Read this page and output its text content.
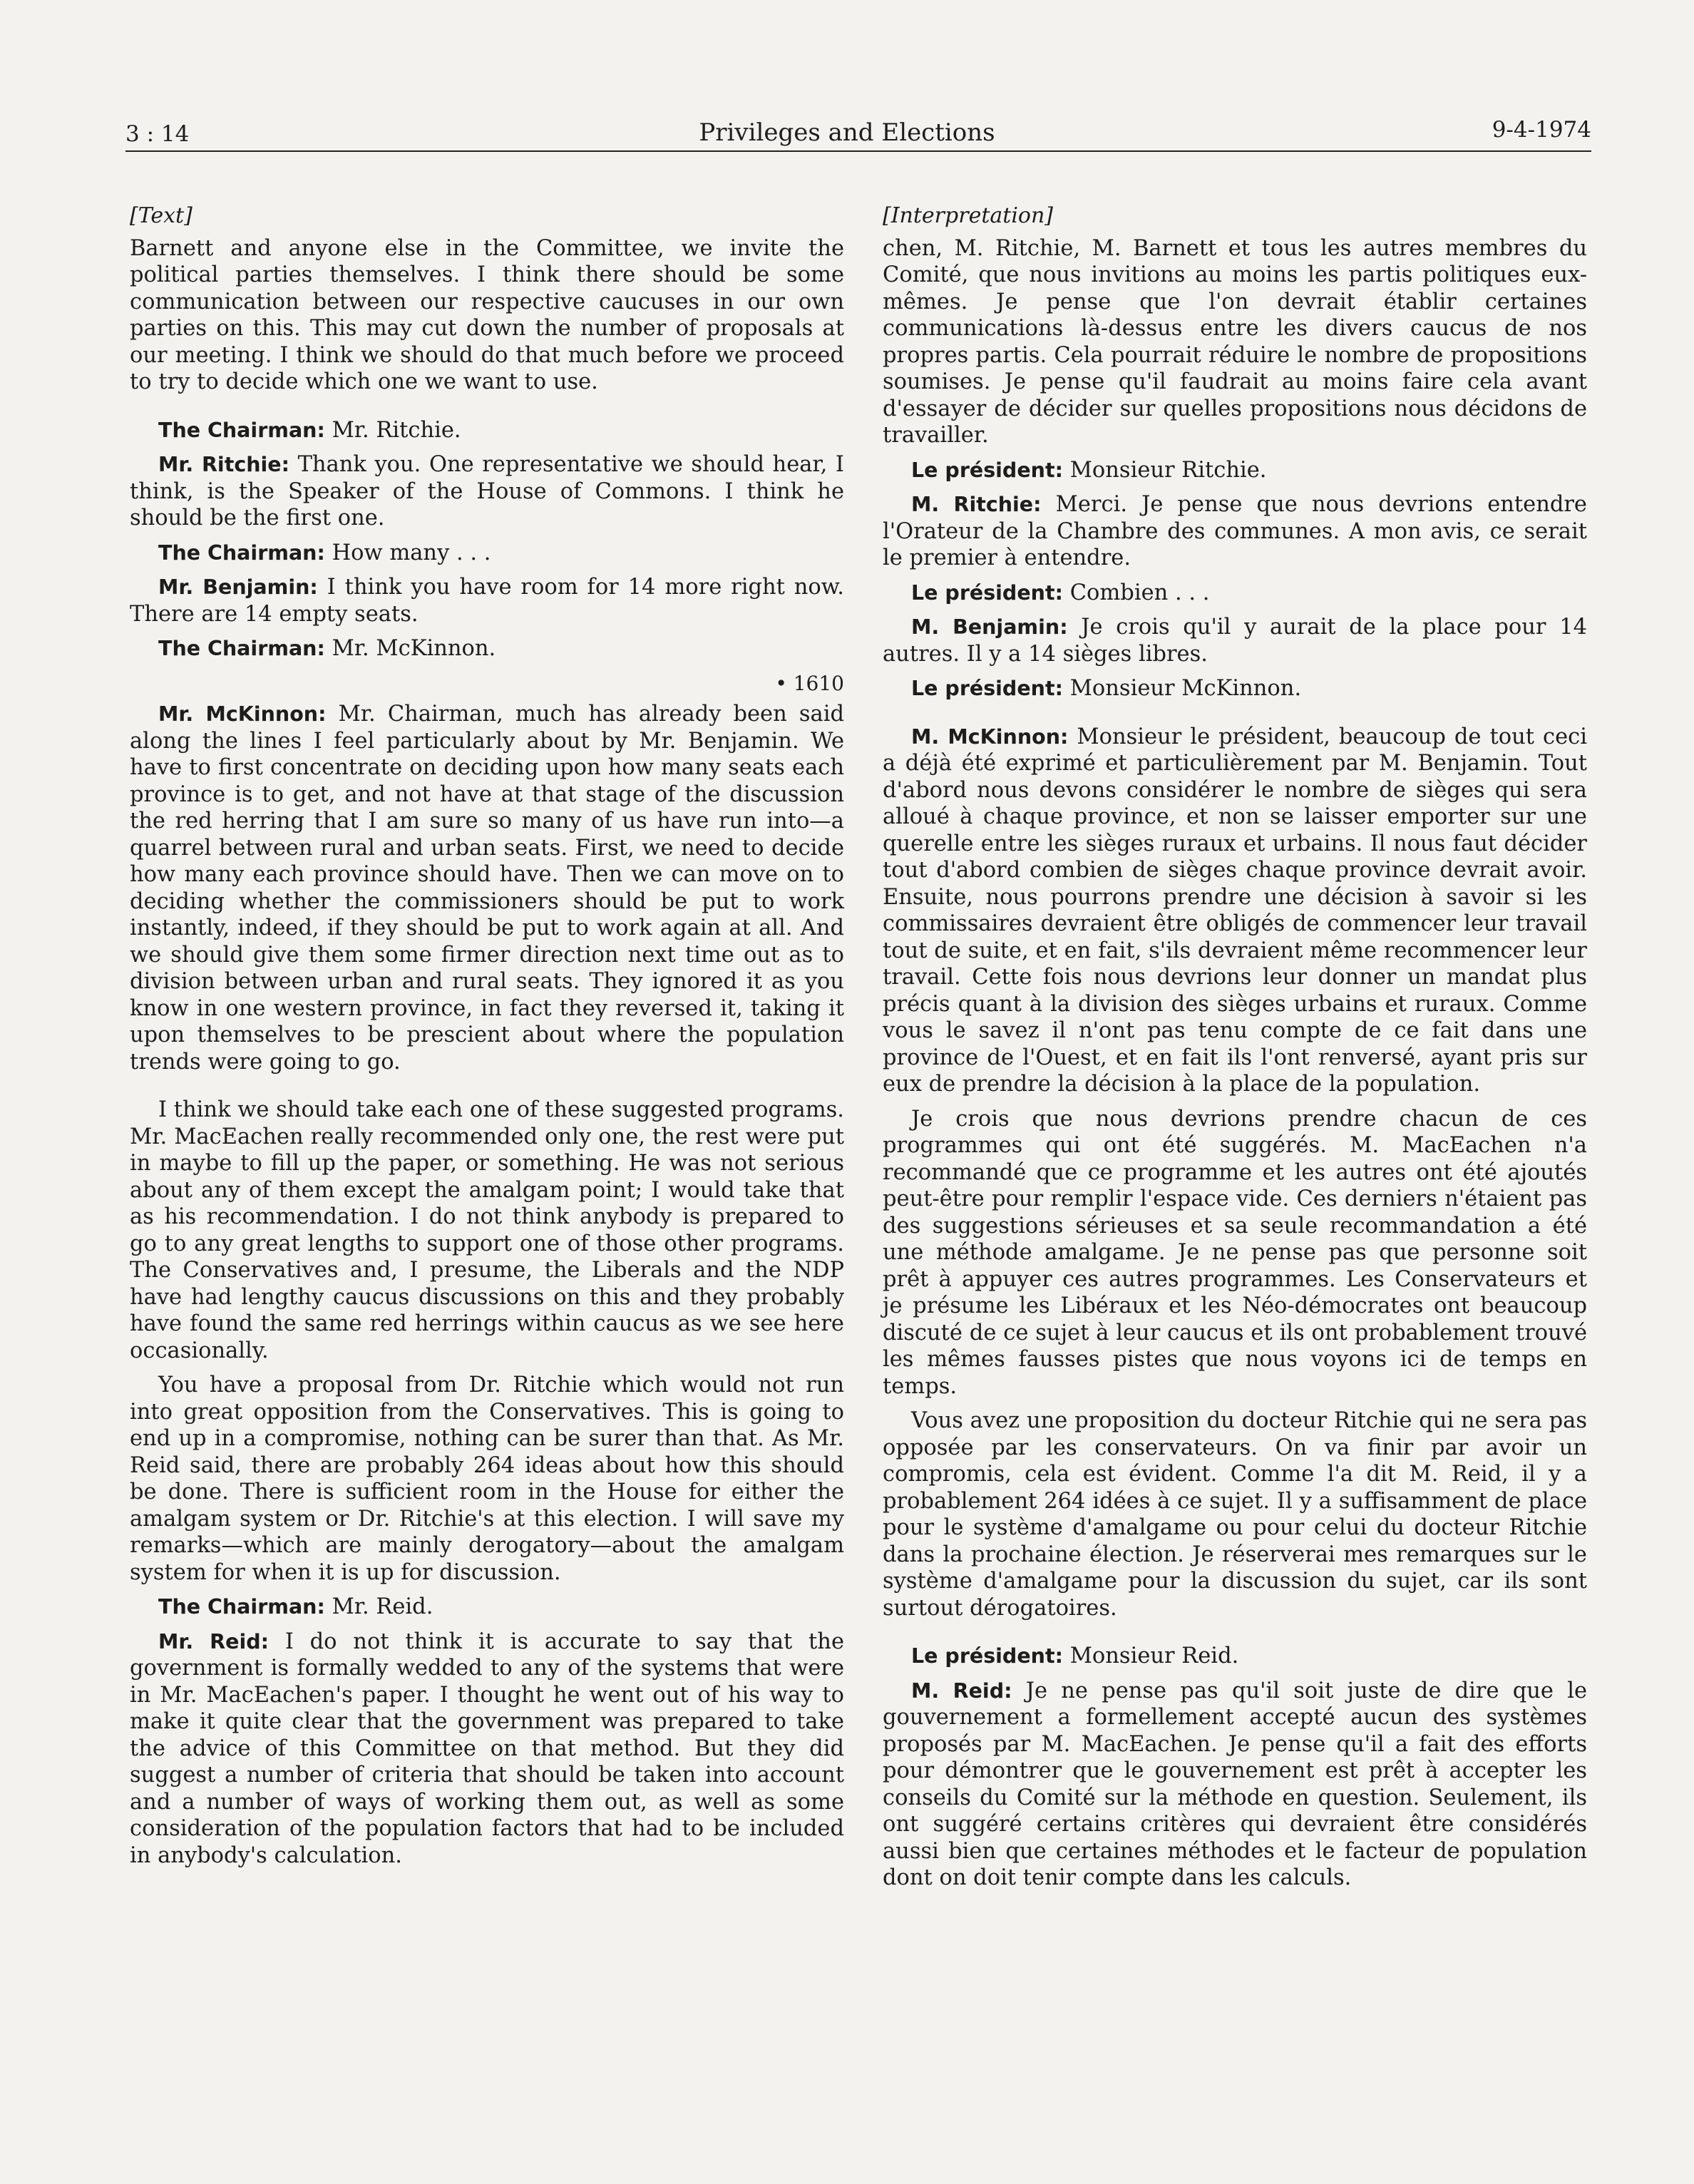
3 : 14	Privileges and Elections	9-4-1974

[Text]

Barnett and anyone else in the Committee, we invite the political parties themselves. I think there should be some communication between our respective caucuses in our own parties on this. This may cut down the number of proposals at our meeting. I think we should do that much before we proceed to try to decide which one we want to use.

The Chairman: Mr. Ritchie.

Mr. Ritchie: Thank you. One representative we should hear, I think, is the Speaker of the House of Commons. I think he should be the first one.

The Chairman: How many . . .

Mr. Benjamin: I think you have room for 14 more right now. There are 14 empty seats.

The Chairman: Mr. McKinnon.

• 1610

Mr. McKinnon: Mr. Chairman, much has already been said along the lines I feel particularly about by Mr. Benjamin. We have to first concentrate on deciding upon how many seats each province is to get, and not have at that stage of the discussion the red herring that I am sure so many of us have run into—a quarrel between rural and urban seats. First, we need to decide how many each province should have. Then we can move on to deciding whether the commissioners should be put to work instantly, indeed, if they should be put to work again at all. And we should give them some firmer direction next time out as to division between urban and rural seats. They ignored it as you know in one western province, in fact they reversed it, taking it upon themselves to be prescient about where the population trends were going to go.

I think we should take each one of these suggested programs. Mr. MacEachen really recommended only one, the rest were put in maybe to fill up the paper, or something. He was not serious about any of them except the amalgam point; I would take that as his recommendation. I do not think anybody is prepared to go to any great lengths to support one of those other programs. The Conservatives and, I presume, the Liberals and the NDP have had lengthy caucus discussions on this and they probably have found the same red herrings within caucus as we see here occasionally.

You have a proposal from Dr. Ritchie which would not run into great opposition from the Conservatives. This is going to end up in a compromise, nothing can be surer than that. As Mr. Reid said, there are probably 264 ideas about how this should be done. There is sufficient room in the House for either the amalgam system or Dr. Ritchie's at this election. I will save my remarks—which are mainly derogatory—about the amalgam system for when it is up for discussion.

The Chairman: Mr. Reid.

Mr. Reid: I do not think it is accurate to say that the government is formally wedded to any of the systems that were in Mr. MacEachen's paper. I thought he went out of his way to make it quite clear that the government was prepared to take the advice of this Committee on that method. But they did suggest a number of criteria that should be taken into account and a number of ways of working them out, as well as some consideration of the population factors that had to be included in anybody's calculation.

[Interpretation]

chen, M. Ritchie, M. Barnett et tous les autres membres du Comité, que nous invitions au moins les partis politiques eux-mêmes. Je pense que l'on devrait établir certaines communications là-dessus entre les divers caucus de nos propres partis. Cela pourrait réduire le nombre de propositions soumises. Je pense qu'il faudrait au moins faire cela avant d'essayer de décider sur quelles propositions nous décidons de travailler.

Le président: Monsieur Ritchie.

M. Ritchie: Merci. Je pense que nous devrions entendre l'Orateur de la Chambre des communes. A mon avis, ce serait le premier à entendre.

Le président: Combien . . .

M. Benjamin: Je crois qu'il y aurait de la place pour 14 autres. Il y a 14 sièges libres.

Le président: Monsieur McKinnon.

M. McKinnon: Monsieur le président, beaucoup de tout ceci a déjà été exprimé et particulièrement par M. Benjamin. Tout d'abord nous devons considérer le nombre de sièges qui sera alloué à chaque province, et non se laisser emporter sur une querelle entre les sièges ruraux et urbains. Il nous faut décider tout d'abord combien de sièges chaque province devrait avoir. Ensuite, nous pourrons prendre une décision à savoir si les commissaires devraient être obligés de commencer leur travail tout de suite, et en fait, s'ils devraient même recommencer leur travail. Cette fois nous devrions leur donner un mandat plus précis quant à la division des sièges urbains et ruraux. Comme vous le savez il n'ont pas tenu compte de ce fait dans une province de l'Ouest, et en fait ils l'ont renversé, ayant pris sur eux de prendre la décision à la place de la population.

Je crois que nous devrions prendre chacun de ces programmes qui ont été suggérés. M. MacEachen n'a recommandé que ce programme et les autres ont été ajoutés peut-être pour remplir l'espace vide. Ces derniers n'étaient pas des suggestions sérieuses et sa seule recommandation a été une méthode amalgame. Je ne pense pas que personne soit prêt à appuyer ces autres programmes. Les Conservateurs et je présume les Libéraux et les Néo-démocrates ont beaucoup discuté de ce sujet à leur caucus et ils ont probablement trouvé les mêmes fausses pistes que nous voyons ici de temps en temps.

Vous avez une proposition du docteur Ritchie qui ne sera pas opposée par les conservateurs. On va finir par avoir un compromis, cela est évident. Comme l'a dit M. Reid, il y a probablement 264 idées à ce sujet. Il y a suffisamment de place pour le système d'amalgame ou pour celui du docteur Ritchie dans la prochaine élection. Je réserverai mes remarques sur le système d'amalgame pour la discussion du sujet, car ils sont surtout dérogatoires.

Le président: Monsieur Reid.

M. Reid: Je ne pense pas qu'il soit juste de dire que le gouvernement a formellement accepté aucun des systèmes proposés par M. MacEachen. Je pense qu'il a fait des efforts pour démontrer que le gouvernement est prêt à accepter les conseils du Comité sur la méthode en question. Seulement, ils ont suggéré certains critères qui devraient être considérés aussi bien que certaines méthodes et le facteur de population dont on doit tenir compte dans les calculs.
